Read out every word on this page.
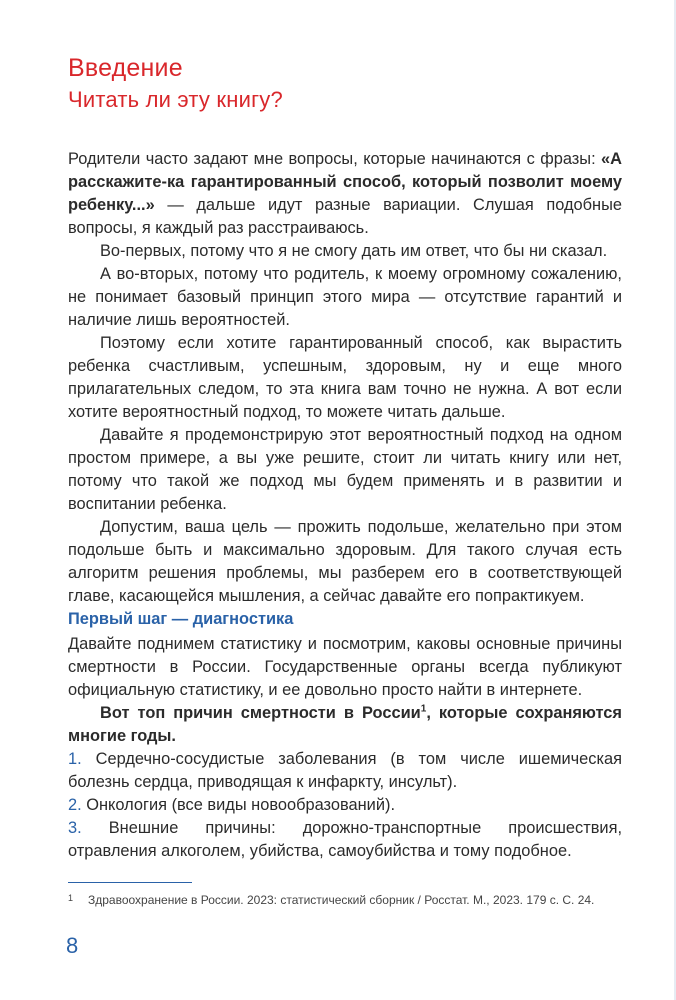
Введение
Читать ли эту книгу?

Родители часто задают мне вопросы, которые начинаются с фразы: «А расскажите-ка гарантированный способ, который позволит моему ребенку...» — дальше идут разные вариации. Слушая подобные вопросы, я каждый раз расстраиваюсь.

Во-первых, потому что я не смогу дать им ответ, что бы ни сказал.

А во-вторых, потому что родитель, к моему огромному сожалению, не понимает базовый принцип этого мира — отсутствие гарантий и наличие лишь вероятностей.

Поэтому если хотите гарантированный способ, как вырастить ребенка счастливым, успешным, здоровым, ну и еще много прилагательных следом, то эта книга вам точно не нужна. А вот если хотите вероятностный подход, то можете читать дальше.

Давайте я продемонстрирую этот вероятностный подход на одном простом примере, а вы уже решите, стоит ли читать книгу или нет, потому что такой же подход мы будем применять и в развитии и воспитании ребенка.

Допустим, ваша цель — прожить подольше, желательно при этом подольше быть и максимально здоровым. Для такого случая есть алгоритм решения проблемы, мы разберем его в соответствующей главе, касающейся мышления, а сейчас давайте его попрактикуем.

Первый шаг — диагностика

Давайте поднимем статистику и посмотрим, каковы основные причины смертности в России. Государственные органы всегда публикуют официальную статистику, и ее довольно просто найти в интернете.

Вот топ причин смертности в России$^1$, которые сохраняются многие годы.

1. Сердечно-сосудистые заболевания (в том числе ишемическая болезнь сердца, приводящая к инфаркту, инсульт).
2. Онкология (все виды новообразований).
3. Внешние причины: дорожно-транспортные происшествия, отравления алкоголем, убийства, самоубийства и тому подобное.
1 Здравоохранение в России. 2023: статистический сборник / Росстат. М., 2023. 179 с. С. 24.
8
